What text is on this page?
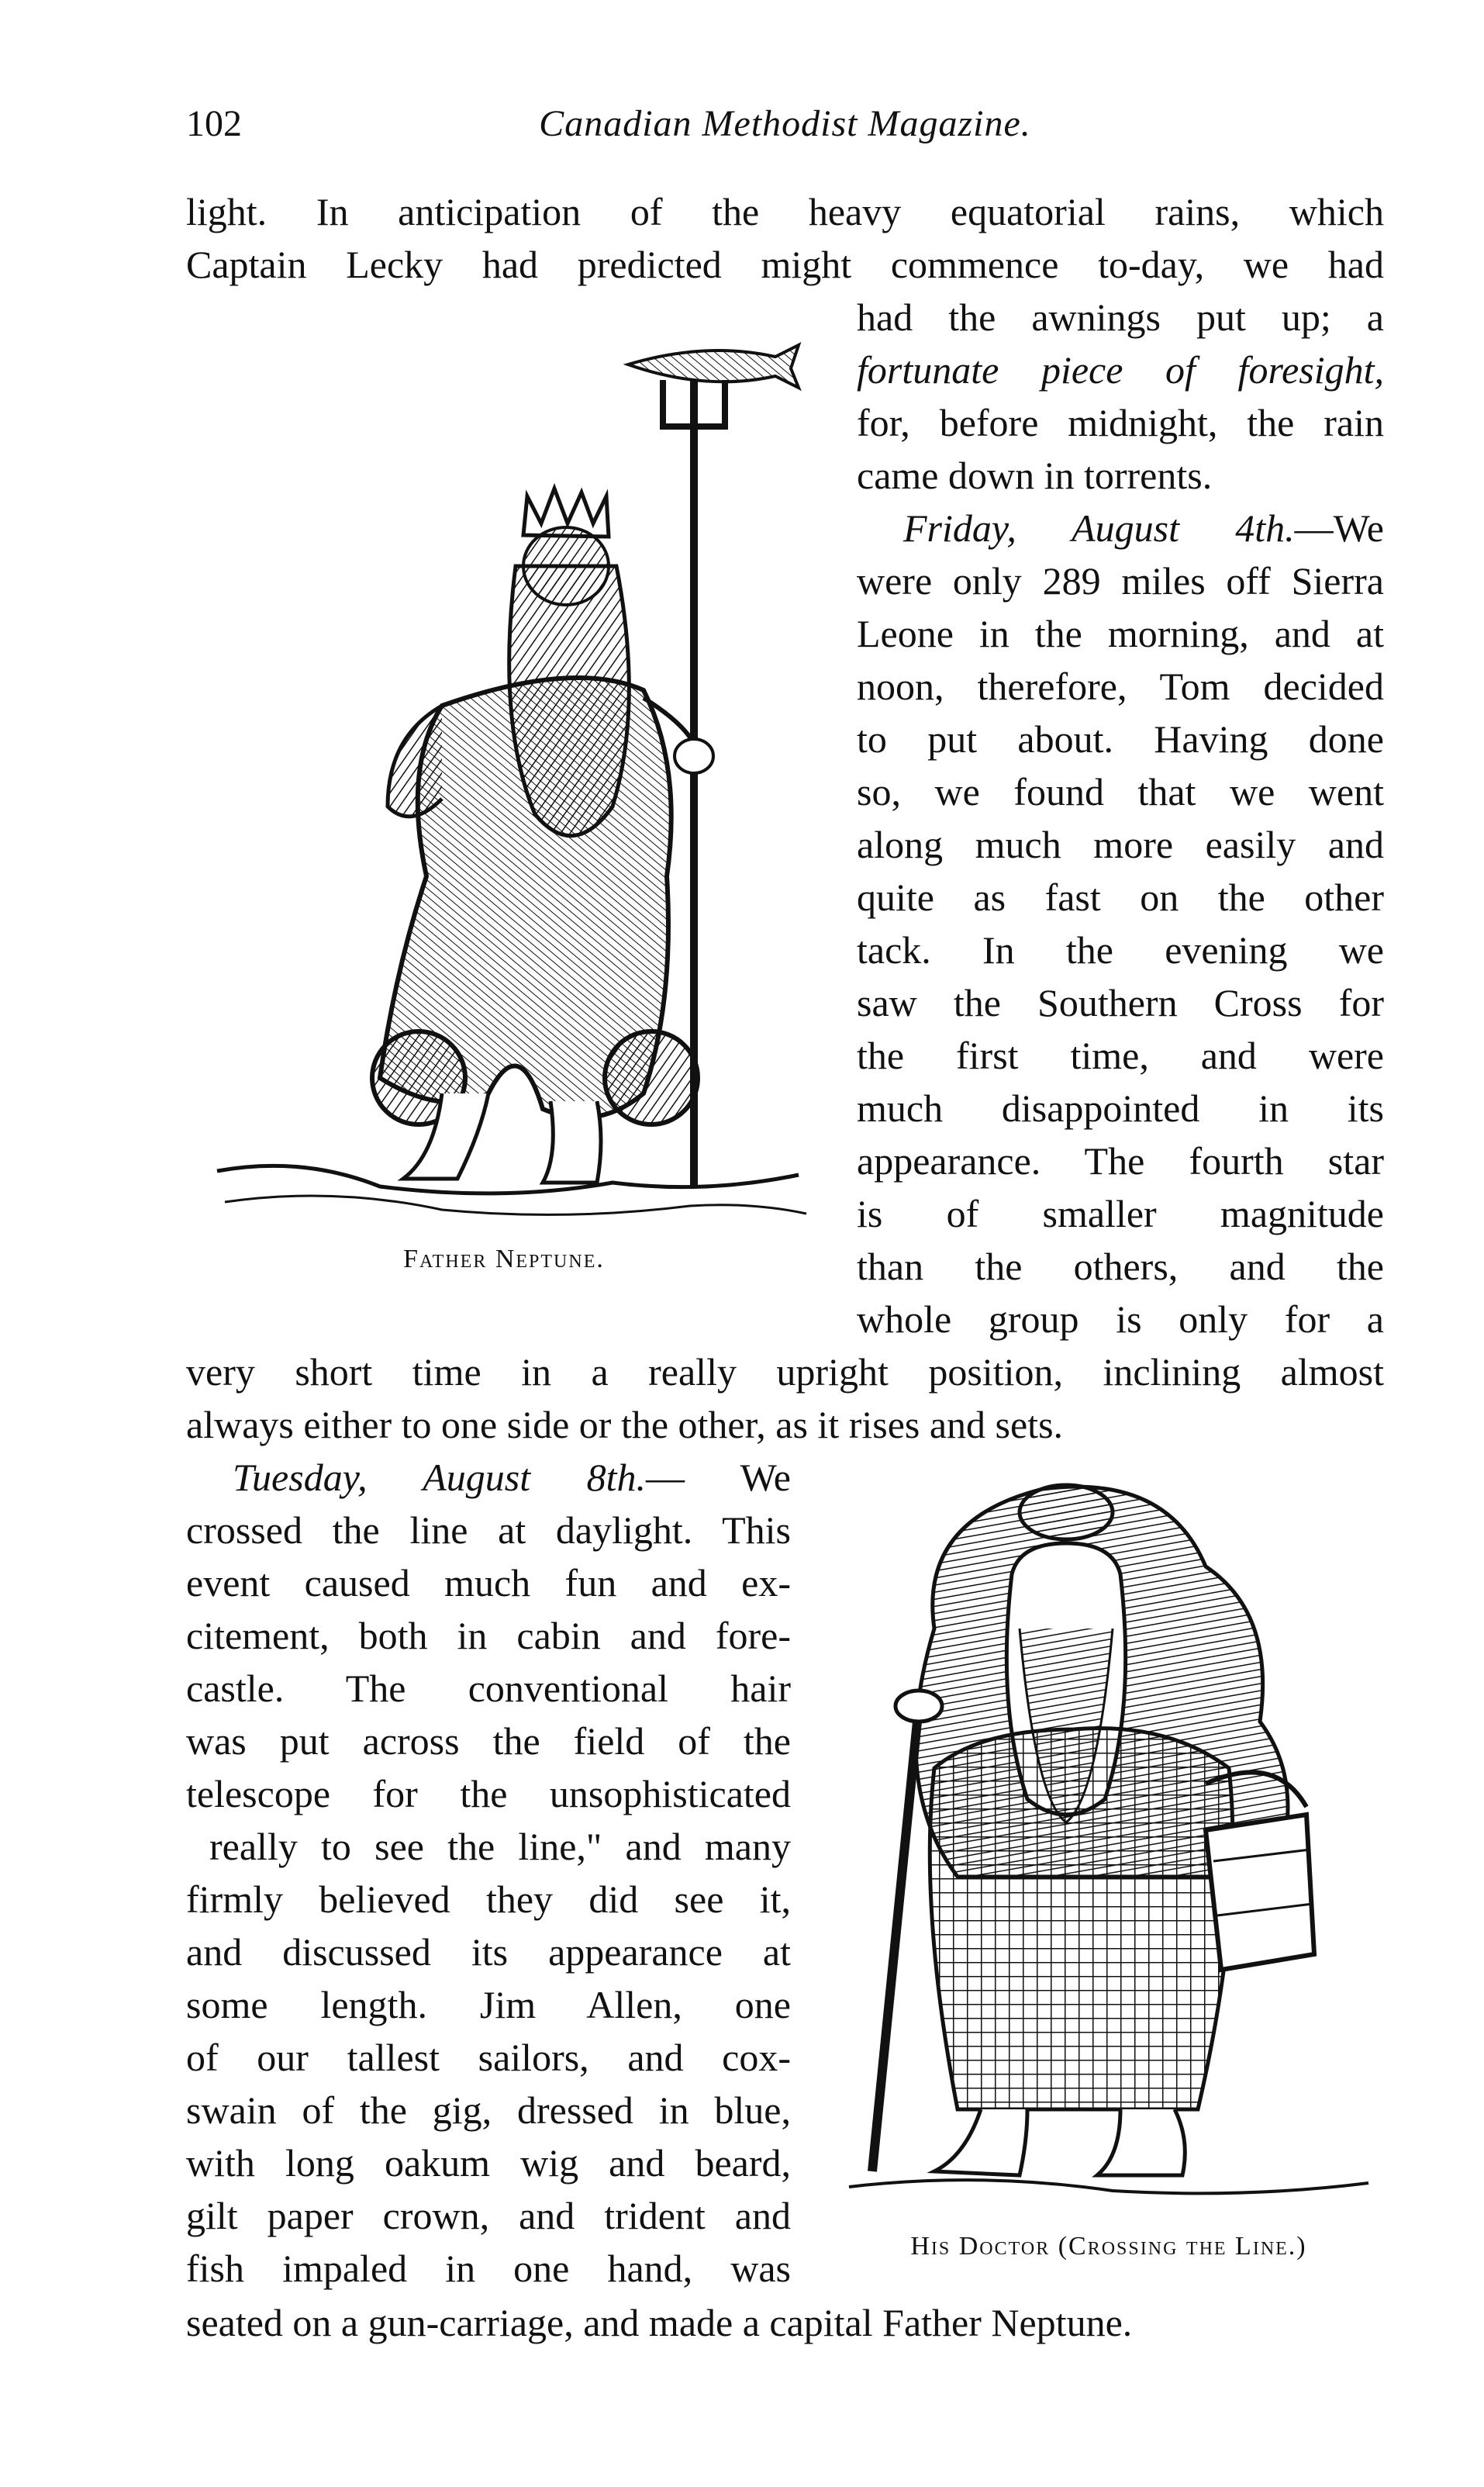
102	Canadian Methodist Magazine.
light. In anticipation of the heavy equatorial rains, which
Captain Lecky had predicted might commence to-day, we had
had the awnings put up; a
fortunate piece of foresight,
for, before midnight, the rain
came down in torrents.
Friday, August 4th.—We
were only 289 miles off Sierra
Leone in the morning, and at
noon, therefore, Tom decided
to put about. Having done
so, we found that we went
along much more easily and
quite as fast on the other
tack. In the evening we
saw the Southern Cross for
the first time, and were
much disappointed in its
appearance. The fourth star
is of smaller magnitude
than the others, and the
whole group is only for a
very short time in a really upright position, inclining almost
always either to one side or the other, as it rises and sets.
Tuesday, August 8th.— We
crossed the line at daylight. This
event caused much fun and ex-
citement, both in cabin and fore-
castle. The conventional hair
was put across the field of the
telescope for the unsophisticated
really to see the line," and many
firmly believed they did see it,
and discussed its appearance at
some length. Jim Allen, one
of our tallest sailors, and cox-
swain of the gig, dressed in blue,
with long oakum wig and beard,
gilt paper crown, and trident and
fish impaled in one hand, was
seated on a gun-carriage, and made a capital Father Neptune.
Father Neptune.
His Doctor (Crossing the Line.)
